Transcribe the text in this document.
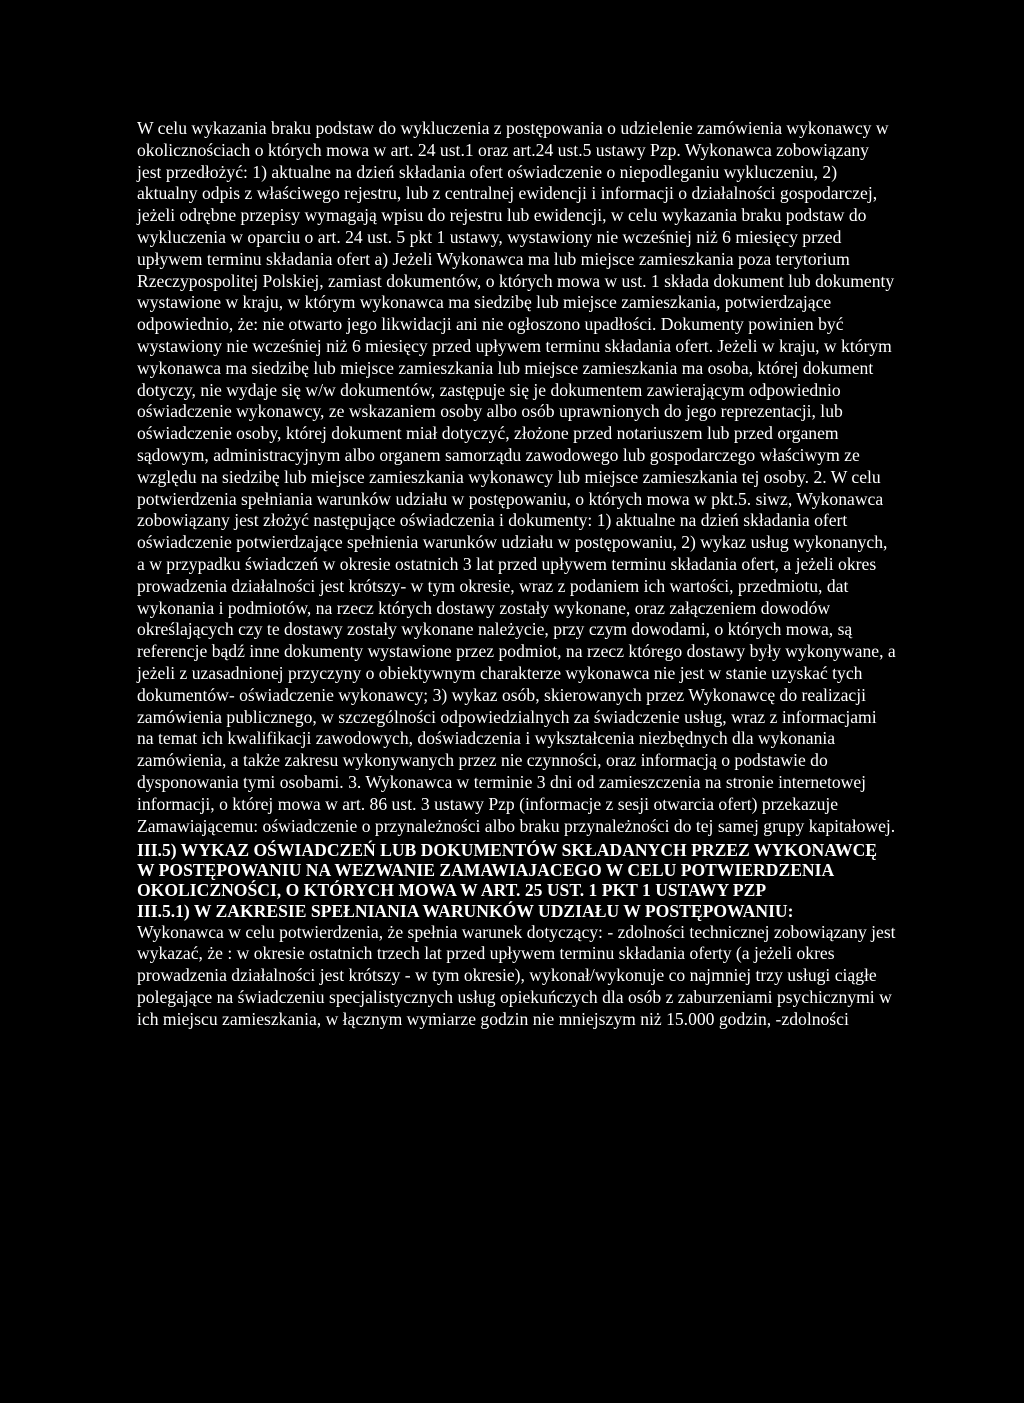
W celu wykazania braku podstaw do wykluczenia z postępowania o udzielenie zamówienia wykonawcy w okolicznościach o których mowa w art. 24 ust.1 oraz art.24 ust.5 ustawy Pzp. Wykonawca zobowiązany jest przedłożyć: 1) aktualne na dzień składania ofert oświadczenie o niepodleganiu wykluczeniu, 2) aktualny odpis z właściwego rejestru, lub z centralnej ewidencji i informacji o działalności gospodarczej, jeżeli odrębne przepisy wymagają wpisu do rejestru lub ewidencji, w celu wykazania braku podstaw do wykluczenia w oparciu o art. 24 ust. 5 pkt 1 ustawy, wystawiony nie wcześniej niż 6 miesięcy przed upływem terminu składania ofert a) Jeżeli Wykonawca ma lub miejsce zamieszkania poza terytorium Rzeczypospolitej Polskiej, zamiast dokumentów, o których mowa w ust. 1 składa dokument lub dokumenty wystawione w kraju, w którym wykonawca ma siedzibę lub miejsce zamieszkania, potwierdzające odpowiednio, że: nie otwarto jego likwidacji ani nie ogłoszono upadłości. Dokumenty powinien być wystawiony nie wcześniej niż 6 miesięcy przed upływem terminu składania ofert. Jeżeli w kraju, w którym wykonawca ma siedzibę lub miejsce zamieszkania lub miejsce zamieszkania ma osoba, której dokument dotyczy, nie wydaje się w/w dokumentów, zastępuje się je dokumentem zawierającym odpowiednio oświadczenie wykonawcy, ze wskazaniem osoby albo osób uprawnionych do jego reprezentacji, lub oświadczenie osoby, której dokument miał dotyczyć, złożone przed notariuszem lub przed organem sądowym, administracyjnym albo organem samorządu zawodowego lub gospodarczego właściwym ze względu na siedzibę lub miejsce zamieszkania wykonawcy lub miejsce zamieszkania tej osoby. 2. W celu potwierdzenia spełniania warunków udziału w postępowaniu, o których mowa w pkt.5. siwz, Wykonawca zobowiązany jest złożyć następujące oświadczenia i dokumenty: 1) aktualne na dzień składania ofert oświadczenie potwierdzające spełnienia warunków udziału w postępowaniu, 2) wykaz usług wykonanych, a w przypadku świadczeń w okresie ostatnich 3 lat przed upływem terminu składania ofert, a jeżeli okres prowadzenia działalności jest krótszy- w tym okresie, wraz z podaniem ich wartości, przedmiotu, dat wykonania i podmiotów, na rzecz których dostawy zostały wykonane, oraz załączeniem dowodów określających czy te dostawy zostały wykonane należycie, przy czym dowodami, o których mowa, są referencje bądź inne dokumenty wystawione przez podmiot, na rzecz którego dostawy były wykonywane, a jeżeli z uzasadnionej przyczyny o obiektywnym charakterze wykonawca nie jest w stanie uzyskać tych dokumentów- oświadczenie wykonawcy; 3) wykaz osób, skierowanych przez Wykonawcę do realizacji zamówienia publicznego, w szczególności odpowiedzialnych za świadczenie usług, wraz z informacjami na temat ich kwalifikacji zawodowych, doświadczenia i wykształcenia niezbędnych dla wykonania zamówienia, a także zakresu wykonywanych przez nie czynności, oraz informacją o podstawie do dysponowania tymi osobami. 3. Wykonawca w terminie 3 dni od zamieszczenia na stronie internetowej informacji, o której mowa w art. 86 ust. 3 ustawy Pzp (informacje z sesji otwarcia ofert) przekazuje Zamawiającemu: oświadczenie o przynależności albo braku przynależności do tej samej grupy kapitałowej.

III.5) WYKAZ OŚWIADCZEŃ LUB DOKUMENTÓW SKŁADANYCH PRZEZ WYKONAWCĘ W POSTĘPOWANIU NA WEZWANIE ZAMAWIAJACEGO W CELU POTWIERDZENIA OKOLICZNOŚCI, O KTÓRYCH MOWA W ART. 25 UST. 1 PKT 1 USTAWY PZP

III.5.1) W ZAKRESIE SPEŁNIANIA WARUNKÓW UDZIAŁU W POSTĘPOWANIU:

Wykonawca w celu potwierdzenia, że spełnia warunek dotyczący: - zdolności technicznej zobowiązany jest wykazać, że : w okresie ostatnich trzech lat przed upływem terminu składania oferty (a jeżeli okres prowadzenia działalności jest krótszy - w tym okresie), wykonał/wykonuje co najmniej trzy usługi ciągłe polegające na świadczeniu specjalistycznych usług opiekuńczych dla osób z zaburzeniami psychicznymi w ich miejscu zamieszkania, w łącznym wymiarze godzin nie mniejszym niż 15.000 godzin, -zdolności
